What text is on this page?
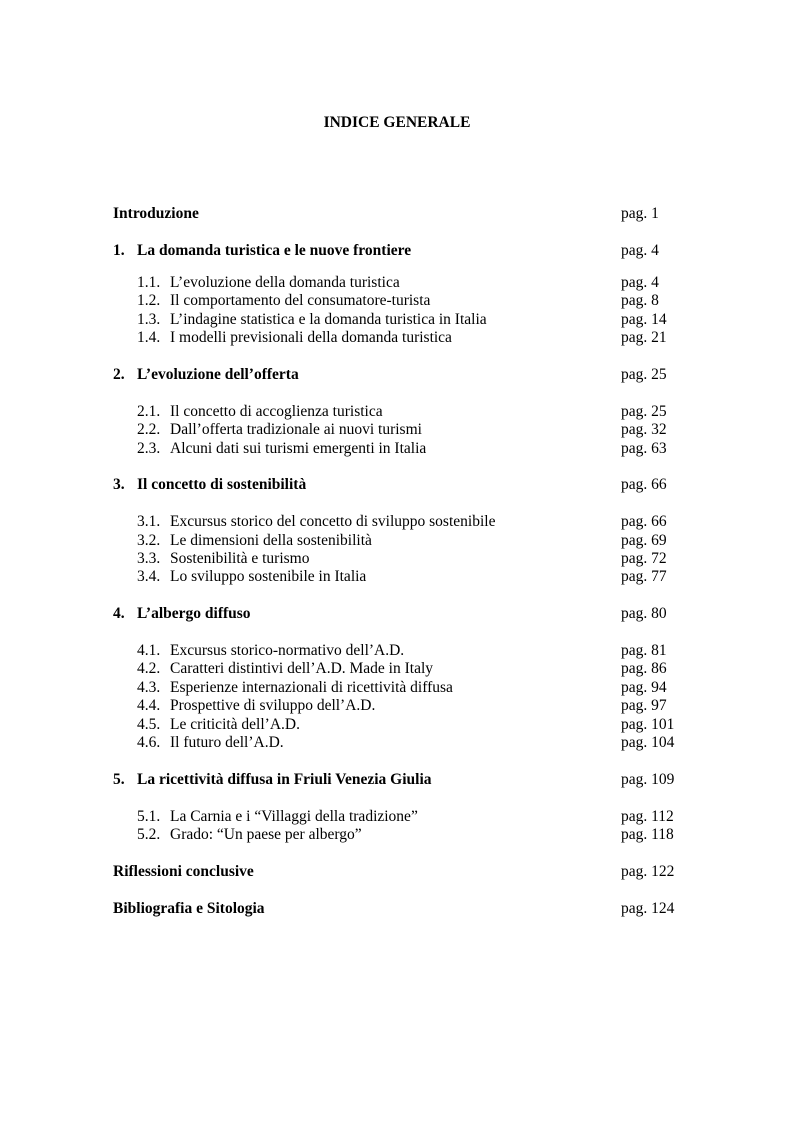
INDICE GENERALE
Introduzione	pag. 1
1. La domanda turistica e le nuove frontiere	pag. 4
1.1. L’evoluzione della domanda turistica	pag. 4
1.2. Il comportamento del consumatore-turista	pag. 8
1.3. L’indagine statistica e la domanda turistica in Italia	pag. 14
1.4. I modelli previsionali della domanda turistica	pag. 21
2. L’evoluzione dell’offerta	pag. 25
2.1. Il concetto di accoglienza turistica	pag. 25
2.2. Dall’offerta tradizionale ai nuovi turismi	pag. 32
2.3. Alcuni dati sui turismi emergenti in Italia	pag. 63
3. Il concetto di sostenibilità	pag. 66
3.1. Excursus storico del concetto di sviluppo sostenibile	pag. 66
3.2. Le dimensioni della sostenibilità	pag. 69
3.3. Sostenibilità e turismo	pag. 72
3.4. Lo sviluppo sostenibile in Italia	pag. 77
4. L’albergo diffuso	pag. 80
4.1. Excursus storico-normativo dell’A.D.	pag. 81
4.2. Caratteri distintivi dell’A.D. Made in Italy	pag. 86
4.3. Esperienze internazionali di ricettività diffusa	pag. 94
4.4. Prospettive di sviluppo dell’A.D.	pag. 97
4.5. Le criticità dell’A.D.	pag. 101
4.6. Il futuro dell’A.D.	pag. 104
5. La ricettività diffusa in Friuli Venezia Giulia	pag. 109
5.1. La Carnia e i “Villaggi della tradizione”	pag. 112
5.2. Grado: “Un paese per albergo”	pag. 118
Riflessioni conclusive	pag. 122
Bibliografia e Sitologia	pag. 124
